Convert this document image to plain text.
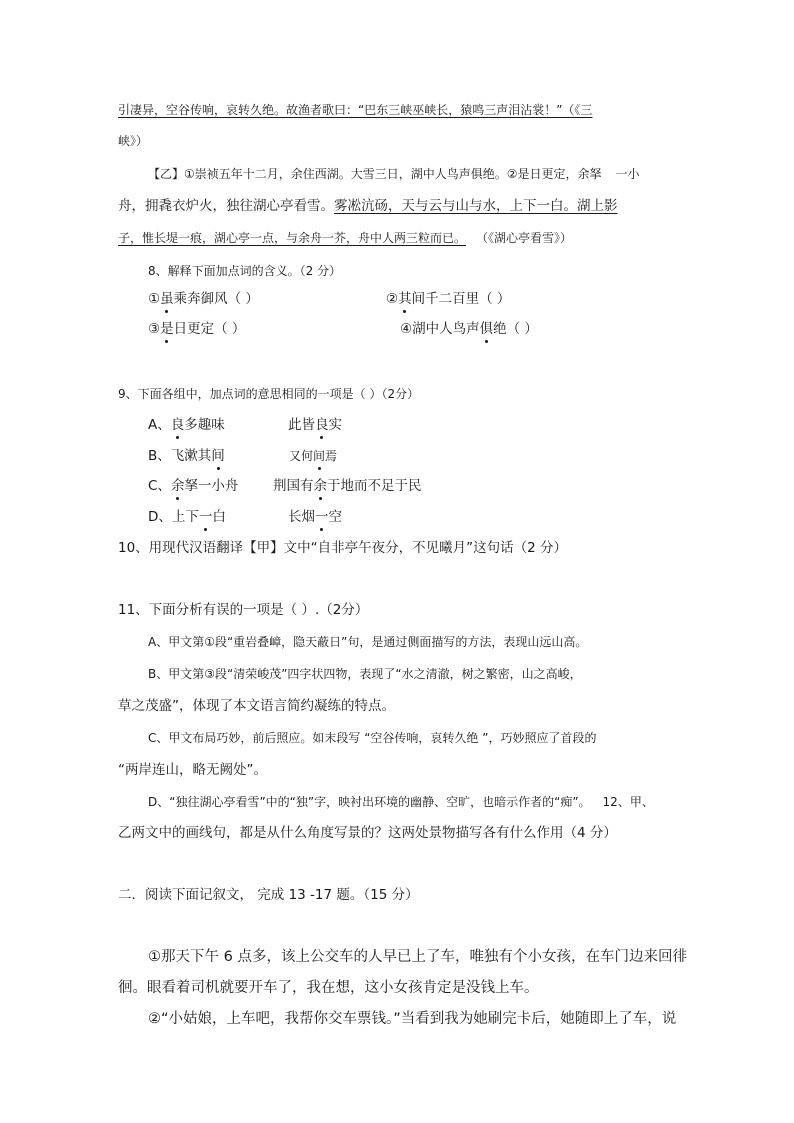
引凄异，空谷传响，哀转久绝。故渔者歌曰：“巴东三峡巫峡长，猿鸣三声泪沾裳！”（《三
峡》）
【乙】①崇祯五年十二月，余住西湖。大雪三日，湖中人鸟声俱绝。②是日更定，余拏 一小
舟，拥毳衣炉火，独往湖心亭看雪。雾凇沆砀，天与云与山与水，上下一白。湖上影
子，惟长堤一痕，湖心亭一点，与余舟一芥，舟中人两三粒而已。 （《湖心亭看雪》）
8、解释下面加点词的含义。（2 分）
①虽乘奔御风（ ）	②其间千二百里（ ）
③是日更定（ ）	④湖中人鸟声俱绝（ ）
9、下面各组中，加点词的意思相同的一项是（ ）（2分）
A、良多趣味	此皆良实
B、飞漱其间	又何间焉
C、余拏一小舟	荆国有余于地而不足于民
D、上下一白	长烟一空
10、用现代汉语翻译【甲】文中“自非亭午夜分，不见曦月”这句话（2 分）
11、下面分析有误的一项是（ ）.（2分）
A、甲文第①段“重岩叠嶂，隐天蔽日”句，是通过侧面描写的方法，表现山远山高。
B、甲文第③段“清荣峻茂”四字状四物，表现了“水之清澈，树之繁密，山之高峻，
草之茂盛”，体现了本文语言简约凝练的特点。
C、甲文布局巧妙，前后照应。如末段写 “空谷传响，哀转久绝 ”，巧妙照应了首段的
“两岸连山，略无阙处”。
D、“独往湖心亭看雪”中的“独”字，映衬出环境的幽静、空旷，也暗示作者的“痴”。 12、甲、
乙两文中的画线句，都是从什么角度写景的？这两处景物描写各有什么作用（4 分）
二．阅读下面记叙文， 完成 13 -17 题。（15 分）
①那天下午 6 点多，该上公交车的人早已上了车，唯独有个小女孩，在车门边来回徘
徊。眼看着司机就要开车了，我在想，这小女孩肯定是没钱上车。
②“小姑娘，上车吧，我帮你交车票钱。”当看到我为她刷完卡后，她随即上了车，说
